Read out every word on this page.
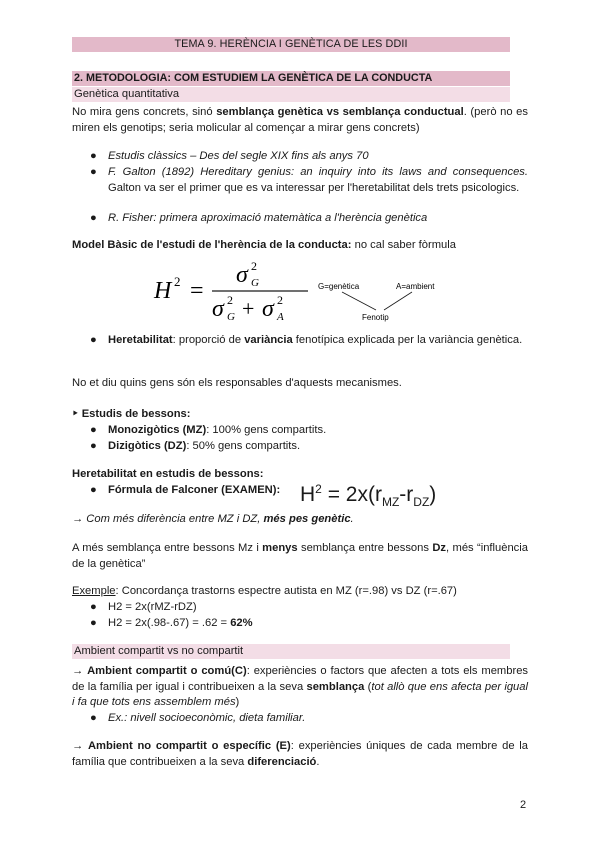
TEMA 9. HERÈNCIA I GENÈTICA DE LES DDII
2. METODOLOGIA: COM ESTUDIEM LA GENÈTICA DE LA CONDUCTA
Genètica quantitativa
No mira gens concrets, sinó semblança genètica vs semblança conductual. (però no es miren els genotips; seria molicular al començar a mirar gens concrets)
● Estudis clàssics – Des del segle XIX fins als anys 70
● F. Galton (1892) Hereditary genius: an inquiry into its laws and consequences. Galton va ser el primer que es va interessar per l'heretabilitat dels trets psicologics.
● R. Fisher: primera aproximació matemàtica a l'herència genètica
Model Bàsic de l'estudi de l'herència de la conducta: no cal saber fòrmula
H 2 =
σ 2
G
σ 2
G + σ 2
A
G=genètica	A=ambient
Fenotip
● Heretabilitat: proporció de variància fenotípica explicada per la variància genètica.
No et diu quins gens són els responsables d'aquests mecanismes.
‣ Estudis de bessons:
● Monozigòtics (MZ): 100% gens compartits.
● Dizigòtics (DZ): 50% gens compartits.
Heretabilitat en estudis de bessons:
● Fórmula de Falconer (EXAMEN): $H^2 = 2x(r_{MZ}-r_{DZ})$
→ Com més diferència entre MZ i DZ, més pes genètic.
A més semblança entre bessons Mz i menys semblança entre bessons Dz, més “influència de la genètica”
Exemple: Concordança trastorns espectre autista en MZ (r=.98) vs DZ (r=.67)
● H2 = 2x(rMZ-rDZ)
● H2 = 2x(.98-.67) = .62 = 62%
Ambient compartit vs no compartit
→ Ambient compartit o comú(C): experiències o factors que afecten a tots els membres de la família per igual i contribueixen a la seva semblança (tot allò que ens afecta per igual i fa que tots ens assemblem més)
● Ex.: nivell socioeconòmic, dieta familiar.
→ Ambient no compartit o específic (E): experiències úniques de cada membre de la família que contribueixen a la seva diferenciació.
2
